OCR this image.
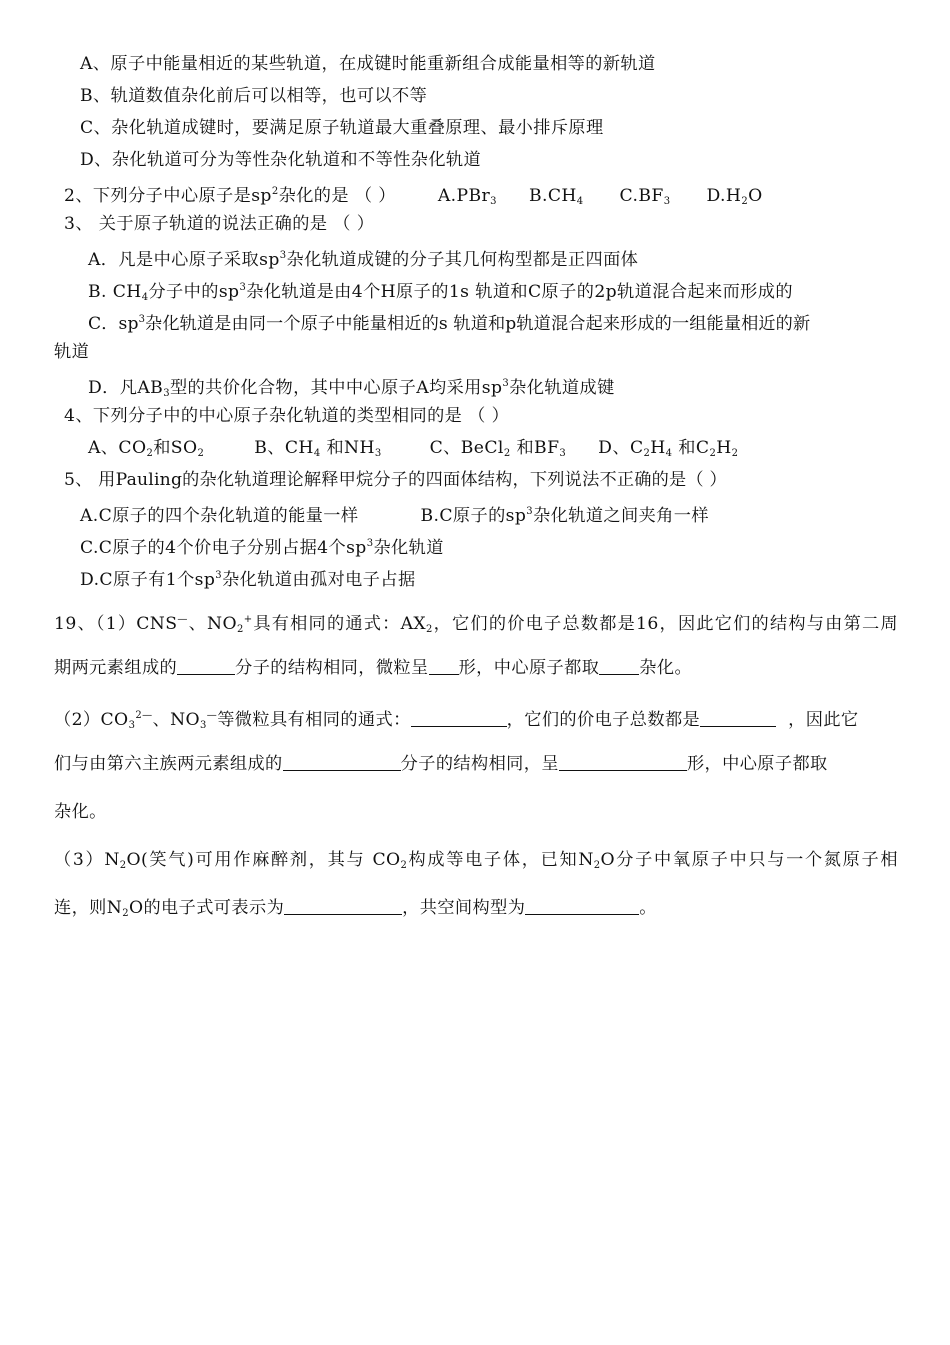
A、原子中能量相近的某些轨道，在成键时能重新组合成能量相等的新轨道
B、轨道数值杂化前后可以相等，也可以不等
C、杂化轨道成键时，要满足原子轨道最大重叠原理、最小排斥原理
D、杂化轨道可分为等性杂化轨道和不等性杂化轨道
2、下列分子中心原子是$sp^2$杂化的是 （ ） A.PBr$_3$ $B.CH_4$ $C.BF_3$ $D.H_2O$
3、 关于原子轨道的说法正确的是 （ ）
A．凡是中心原子采取$sp^3$杂化轨道成键的分子其几何构型都是正四面体
B. $CH_4$分子中的$sp^3$杂化轨道是由4个H原子的1s 轨道和C原子的2p轨道混合起来而形成的
C．$sp^3$杂化轨道是由同一个原子中能量相近的s 轨道和p轨道混合起来形成的一组能量相近的新
轨道
D．凡$AB_3$型的共价化合物，其中中心原子A均采用$sp^3$杂化轨道成键
4、下列分子中的中心原子杂化轨道的类型相同的是 （ ）
A、$CO_2$和$SO_2$	B、$CH_4$ 和$NH_3$	C、BeCl$_2$ 和$BF_3$ D、$C_2H_4$ 和$C_2H_2$
5、 用Pauling的杂化轨道理论解释甲烷分子的四面体结构，下列说法不正确的是（ ）
A.C原子的四个杂化轨道的能量一样	B.C原子的$sp^3$杂化轨道之间夹角一样
C.C原子的4个价电子分别占据4个$sp^3$杂化轨道
D.C原子有1个$sp^3$杂化轨道由孤对电子占据
19、（1）CNS—、$NO_2^+$具有相同的通式：$AX_2$，它们的价电子总数都是16，因此它们的结构与由第二周
期两元素组成的	分子的结构相同，微粒呈 形，中心原子都取 杂化。
$(2)CO_3^{2—}$、$NO_3^—$等微粒具有相同的通式：	，它们的价电子总数都是	，因此它
们与由第六主族两元素组成的	分子的结构相同，呈	形，中心原子都取
杂化。
$(3)N_2O$(笑气)可用作麻醉剂，其与 $CO_2$构成等电子体，已知$N_2O$分子中氧原子中只与一个氮原子相
连，则$N_2O$的电子式可表示为	，共空间构型为	。
